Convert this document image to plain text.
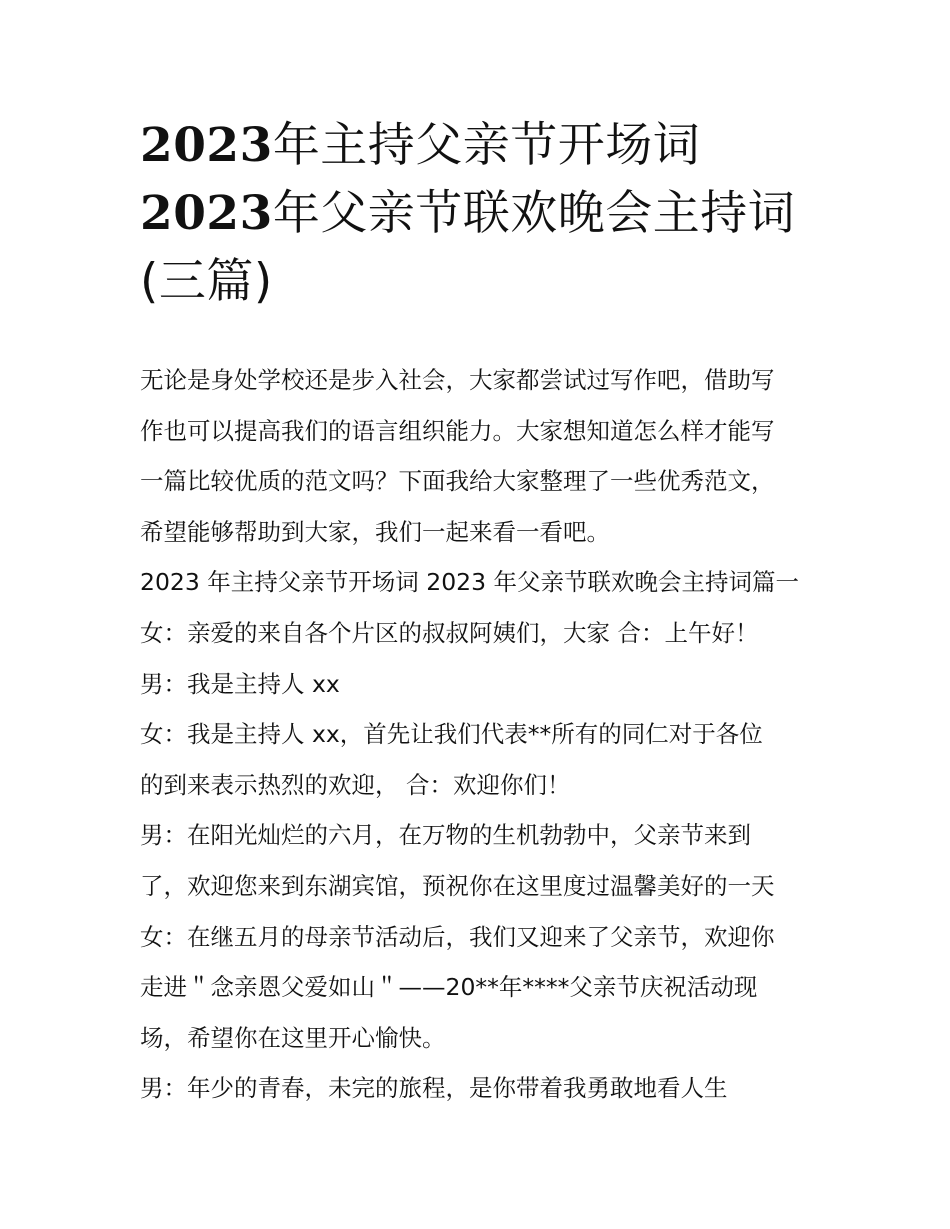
2023年主持父亲节开场词
2023年父亲节联欢晚会主持词
(三篇)
无论是身处学校还是步入社会，大家都尝试过写作吧，借助写
作也可以提高我们的语言组织能力。大家想知道怎么样才能写
一篇比较优质的范文吗？下面我给大家整理了一些优秀范文，
希望能够帮助到大家，我们一起来看一看吧。
2023 年主持父亲节开场词 2023 年父亲节联欢晚会主持词篇一
女：亲爱的来自各个片区的叔叔阿姨们，大家 合：上午好！
男：我是主持人 xx
女：我是主持人 xx，首先让我们代表**所有的同仁对于各位
的到来表示热烈的欢迎， 合：欢迎你们！
男：在阳光灿烂的六月，在万物的生机勃勃中，父亲节来到
了，欢迎您来到东湖宾馆，预祝你在这里度过温馨美好的一天
女：在继五月的母亲节活动后，我们又迎来了父亲节，欢迎你
走进＂念亲恩父爱如山＂——20**年****父亲节庆祝活动现
场，希望你在这里开心愉快。
男：年少的青春，未完的旅程，是你带着我勇敢地看人生
